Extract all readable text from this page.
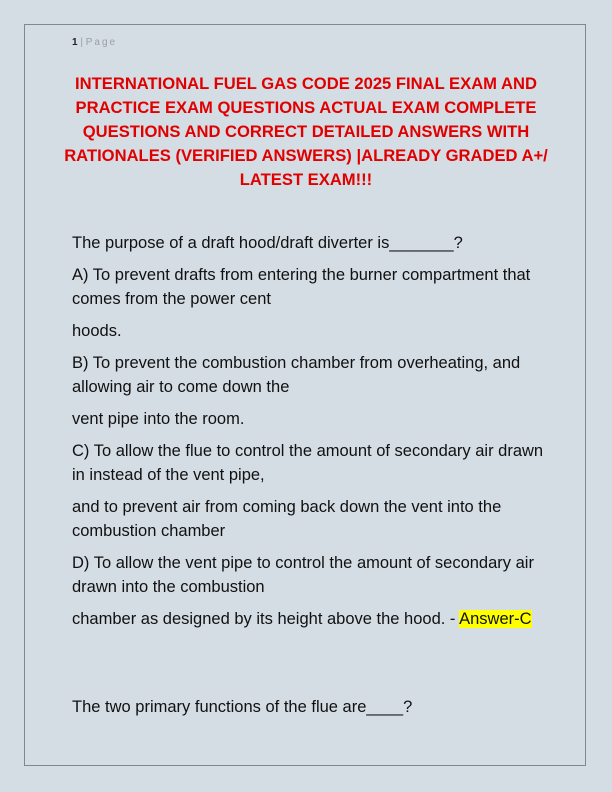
1 | Page
INTERNATIONAL FUEL GAS CODE 2025 FINAL EXAM AND PRACTICE EXAM QUESTIONS ACTUAL EXAM COMPLETE QUESTIONS AND CORRECT DETAILED ANSWERS WITH RATIONALES (VERIFIED ANSWERS) |ALREADY GRADED A+/ LATEST EXAM!!!

The purpose of a draft hood/draft diverter is_______?

A) To prevent drafts from entering the burner compartment that comes from the power cent

hoods.

B) To prevent the combustion chamber from overheating, and allowing air to come down the

vent pipe into the room.

C) To allow the flue to control the amount of secondary air drawn in instead of the vent pipe,

and to prevent air from coming back down the vent into the combustion chamber

D) To allow the vent pipe to control the amount of secondary air drawn into the combustion

chamber as designed by its height above the hood. - Answer-C

The two primary functions of the flue are____?
